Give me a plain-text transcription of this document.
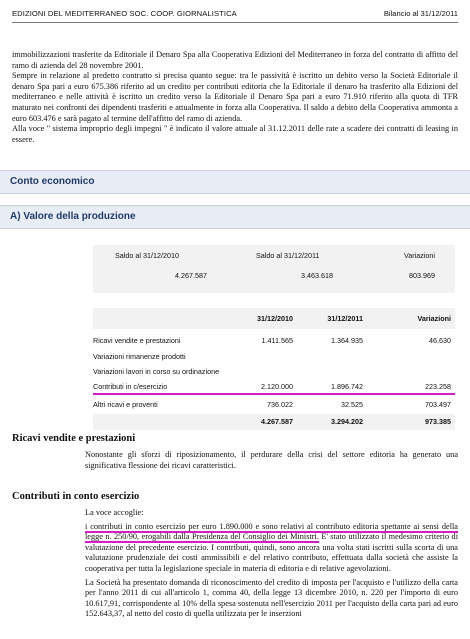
EDIZIONI DEL MEDITERRANEO SOC. COOP. GIORNALISTICA	Bilancio al 31/12/2011

immobilizzazioni trasferite da Editoriale il Denaro Spa alla Cooperativa Edizioni del Mediterraneo in forza del contratto di affitto del ramo di azienda del 28 novembre 2001.

Sempre in relazione al predetto contratto si precisa quanto segue: tra le passività è iscritto un debito verso la Società Editoriale il denaro Spa pari a euro 675.386 riferito ad un credito per contributi editoria che la Editoriale il denaro ha trasferito alla Edizioni del mediterraneo e nelle attività è iscritto un credito verso la Editoriale il Denaro Spa pari a euro 71.910 riferito alla quota di TFR maturato nei confronti dei dipendenti trasferiti e attualmente in forza alla Cooperativa. Il saldo a debito della Cooperativa ammonta a euro 603.476 e sarà pagato al termine dell'affitto del ramo di azienda.

Alla voce " sistema improprio degli impegni " è indicato il valore attuale al 31.12.2011 delle rate a scadere dei contratti di leasing in essere.

Conto economico
A) Valore della produzione
Saldo al 31/12/2010	Saldo al 31/12/2011	Variazioni
4.267.587	3.463.618	803.969
31/12/2010	31/12/2011	Variazioni
Ricavi vendite e prestazioni	1.411.565	1.364.935	46.630
Variazioni rimanenze prodotti
Variazioni lavori in corso su ordinazione
Contributi in c/esercizio	2.120.000	1.896.742	223.258
Altri ricavi e proventi	736.022	32.525	703.497
4.267.587	3.294.202	973.385
Ricavi vendite e prestazioni

Nonostante gli sforzi di riposizionamento, il perdurare della crisi del settore editoria ha generato una significativa flessione dei ricavi caratteristici.

Contributi in conto esercizio

La voce accoglie:

i contributi in conto esercizio per euro 1.890.000 e sono relativi al contributo editoria spettante ai sensi della legge n. 250/90, erogabili dalla Presidenza del Consiglio dei Ministri. E' stato utilizzato il medesimo criterio di valutazione del precedente esercizio. I contributi, quindi, sono ancora una volta stati iscritti sulla scorta di una valutazione prudenziale dei costi ammissibili e del relativo contributo, effettuata dalla società che assiste la cooperativa per tutta la legislazione speciale in materia di editoria e di relative agevolazioni.

La Società ha presentato domanda di riconoscimento del credito di imposta per l'acquisto e l'utilizzo della carta per l'anno 2011 di cui all'articolo 1, comma 40, della legge 13 dicembre 2010, n. 220 per l'importo di euro 10.617,91, corrispondente al 10% della spesa sostenuta nell'esercizio 2011 per l'acquisto della carta pari ad euro 152.643,37, al netto del costo di quella utilizzata per le inserzioni
